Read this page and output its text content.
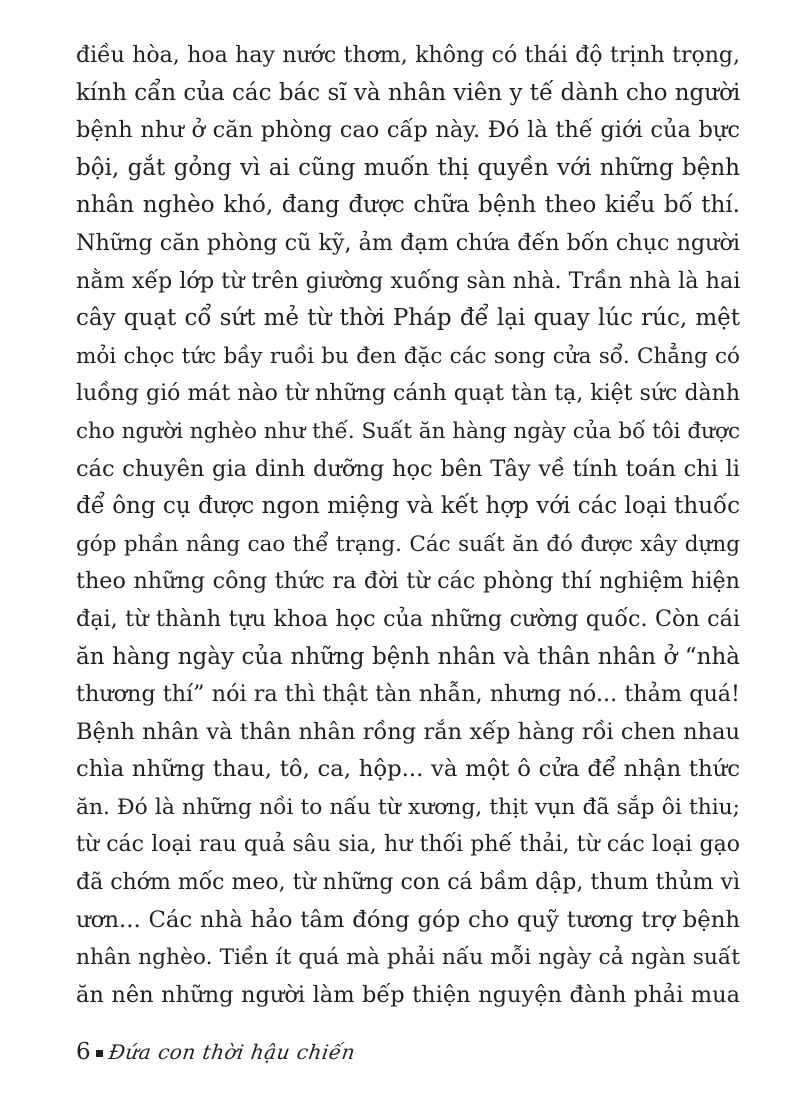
điều hòa, hoa hay nước thơm, không có thái độ trịnh trọng,
kính cẩn của các bác sĩ và nhân viên y tế dành cho người
bệnh như ở căn phòng cao cấp này. Đó là thế giới của bực
bội, gắt gỏng vì ai cũng muốn thị quyền với những bệnh
nhân nghèo khó, đang được chữa bệnh theo kiểu bố thí.
Những căn phòng cũ kỹ, ảm đạm chứa đến bốn chục người
nằm xếp lớp từ trên giường xuống sàn nhà. Trần nhà là hai
cây quạt cổ sứt mẻ từ thời Pháp để lại quay lúc rúc, mệt
mỏi chọc tức bầy ruồi bu đen đặc các song cửa sổ. Chẳng có
luồng gió mát nào từ những cánh quạt tàn tạ, kiệt sức dành
cho người nghèo như thế. Suất ăn hàng ngày của bố tôi được
các chuyên gia dinh dưỡng học bên Tây về tính toán chi li
để ông cụ được ngon miệng và kết hợp với các loại thuốc
góp phần nâng cao thể trạng. Các suất ăn đó được xây dựng
theo những công thức ra đời từ các phòng thí nghiệm hiện
đại, từ thành tựu khoa học của những cường quốc. Còn cái
ăn hàng ngày của những bệnh nhân và thân nhân ở “nhà
thương thí” nói ra thì thật tàn nhẫn, nhưng nó... thảm quá!
Bệnh nhân và thân nhân rồng rắn xếp hàng rồi chen nhau
chìa những thau, tô, ca, hộp... và một ô cửa để nhận thức
ăn. Đó là những nồi to nấu từ xương, thịt vụn đã sắp ôi thiu;
từ các loại rau quả sâu sia, hư thối phế thải, từ các loại gạo
đã chớm mốc meo, từ những con cá bầm dập, thum thủm vì
ươn... Các nhà hảo tâm đóng góp cho quỹ tương trợ bệnh
nhân nghèo. Tiền ít quá mà phải nấu mỗi ngày cả ngàn suất
ăn nên những người làm bếp thiện nguyện đành phải mua
6 Đứa con thời hậu chiến
